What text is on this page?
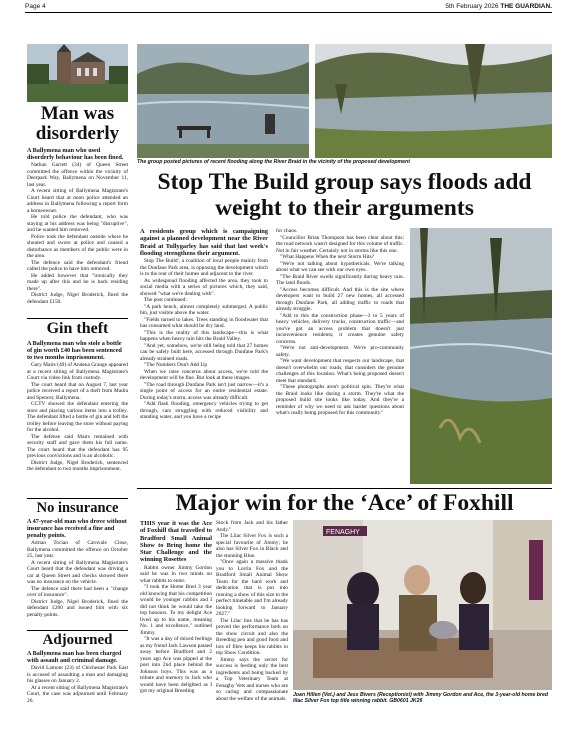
Page 4	5th February 2026 THE GUARDIAN.
Man was disorderly
A Ballymena man who used disorderly behaviour has been fined.

Nathan Garrett (34) of Queen Street committed the offence within the vicinity of Deerpark Way, Ballymena on November 11, last year.

A recent sitting of Ballymena Magistrate's Court heard that at noon police attended an address in Ballymena following a report form a homeowner.

He told police the defendant, who was staying at his address was being "disruptive", and he wanted him removed.

Police took the defendant outside where he shouted and swore at police and caused a disturbance as members of the public were in the area.

The defence said the defendant's friend called the police to have him removed.

He added however that "ironically they made up after this and he is back residing there".

District Judge, Nigel Broderick, fined the defendant £150.

Gin theft
A Ballymena man who stole a bottle of gin worth £40 has been sentenced to two months imprisonment.

Gary Mairs (49) of Andena Grange appeared at a recent sitting of Ballymena Magistrate's Court via video link from custody.

The court heard that on August 7, last year police received a report of a theft from Madra and Spencer, Ballymena.

CCTV showed the defendant entering the store and placing various items into a trolley. The defendant lifted a bottle of gin and left the trolley before leaving the store without paying for the alcohol.

The defense said Mairs remained with security staff and gave them his full name. The court heard that the defendant has 95 previous convictions and is an alcoholic.

District Judge, Nigel Broderick, sentenced the defendant to two months imprisonment.

No insurance
A 47-year-old man who drove without insurance has received a fine and penalty points.

Adrian Tocian of Carnvale Close, Ballymena committed the offence on October 25, last year.

A recent sitting of Ballymena Magistrate's Court heard that the defendant was driving a car at Queen Street and checks showed there was no insurance on the vehicle.

The defence said there had been a "change over of insurance".

District Judge, Nigel Broderick, fined the defendant £200 and issued him with six penalty points.

Adjourned
A Ballymena man has been charged with assault and criminal damage.

David Lamont (23) of Chichester Park East is accused of assaulting a man and damaging his glasses on January 2.

At a recent sitting of Ballymena Magistrate's Court, the case was adjourned until February 26.

The group posted pictures of recent flooding along the River Braid in the vicinity of the proposed development
Stop The Build group says floods add weight to their arguments
A residents group which is campaigning against a planned development near the River Braid at Tullygarley has said that last week's flooding strengthens their argument.

Stop The Build', a coalition of local people mainly from the Dunfane Park area, is opposing the development which is to the rear of their homes and adjacent to the river.

As widespread flooding affected the area, they took to social media with a series of pictures which, they said, showed "what we're dealing with".

The post continued:

"A park bench, almost completely submerged. A public bin, just visible above the water.

"Fields turned to lakes. Trees standing in floodwater that has consumed what should be dry land.

"This is the reality of this landscape—this is what happens when heavy rain hits the Braid Valley.

"And yet, somehow, we're still being told that 27 homes can be safely built here, accessed through Dunfane Park's already strained roads.

"The Numbers Don't Add Up

When we raise concerns about access, we're told the development will be fine. But look at these images.

"The road through Dunfane Park isn't just narrow—it's a single point of access for an entire residential estate. During today's storm, access was already difficult.

"Add flash flooding, emergency vehicles trying to get through, cars struggling with reduced visibility and standing water, and you have a recipe

for chaos.

"Councillor Brian Thompson has been clear about this: the road network wasn't designed for this volume of traffic. Not in fair weather. Certainly not in storms like this one.

"What Happens When the next Storm Hits?

"We're not talking about hypotheticals. We're talking about what we can see with our own eyes.

"The Braid River swells significantly during heavy rain. The land floods.

"Access becomes difficult. And this is the site where developers want to build 27 new homes, all accessed through Dunfane Park, all adding traffic to roads that already struggle.

"Add to this the construction phase—3 to 5 years of heavy vehicles, delivery trucks, construction traffic—and you've got an access problem that doesn't just inconvenience residents; it creates genuine safety concerns.

"We're not anti-development. We're pro-community safety.

"We want development that respects our landscape, that doesn't overwhelm our roads, that considers the genuine challenges of this location. What's being proposed doesn't meet that standard.

"These photographs aren't political spin. They're what the Braid looks like during a storm. They're what the proposed build site looks like today. And they're a reminder of why we need to ask harder questions about what's really being proposed for this community."

Major win for the ‘Ace’ of Foxhill
THIS year it was the Ace of Foxhill that travelled to Bradford Small Animal Show to Bring home the Star Challenge and the winning Rosettes

Rabbit owner Jimmy Gordon said he was in two minds on what rabbits to enter.

"I took the Home Bred 3 year old knowing that his competition would be younger rabbits and I did not think he would take the top honours. To my delight Ace lived up to his name, meaning No. 1 and excellence," outlined Jimmy.

"It was a day of mixed feelings as my friend Jack Lawson passed away before Bradford and 2 years ago Ace was pipped at the post into 2nd place behind the Johnson boys. This was as a tribute and memory to Jack who would have been delighted as I got my original Breeding

Stock from Jack and his father Andy."

The Lilac Silver Fox is such a special favourite of Jimmy; he also has Silver Fox in Black and the stunning Blue.

"Once again a massive thank you to Lorrin Fox and the Bradford Small Animal Show Team for the hard work and dedication that is put into running a show of this size to the perfect timetable and I'm already looking forward to January 2027."

The Lilac line that he has has proved the performance both on the show circuit and also the Breeding pen and good food and lots of fibre keeps his rabbits in top Show Condition.

Jimmy says the secret for success is feeding only the best ingredients and being backed by a Top Veterinary Team at Fenaghy Vets and nurses who are so caring and compassionate about the welfare of the animals.

FENAGHY
Joan Hillen (Vet.) and Jess Bivers (Receptionist) with Jimmy Gordon and Ace, the 3-year-old home bred lilac Silver Fox top title winning rabbit. GB0601 JK26
